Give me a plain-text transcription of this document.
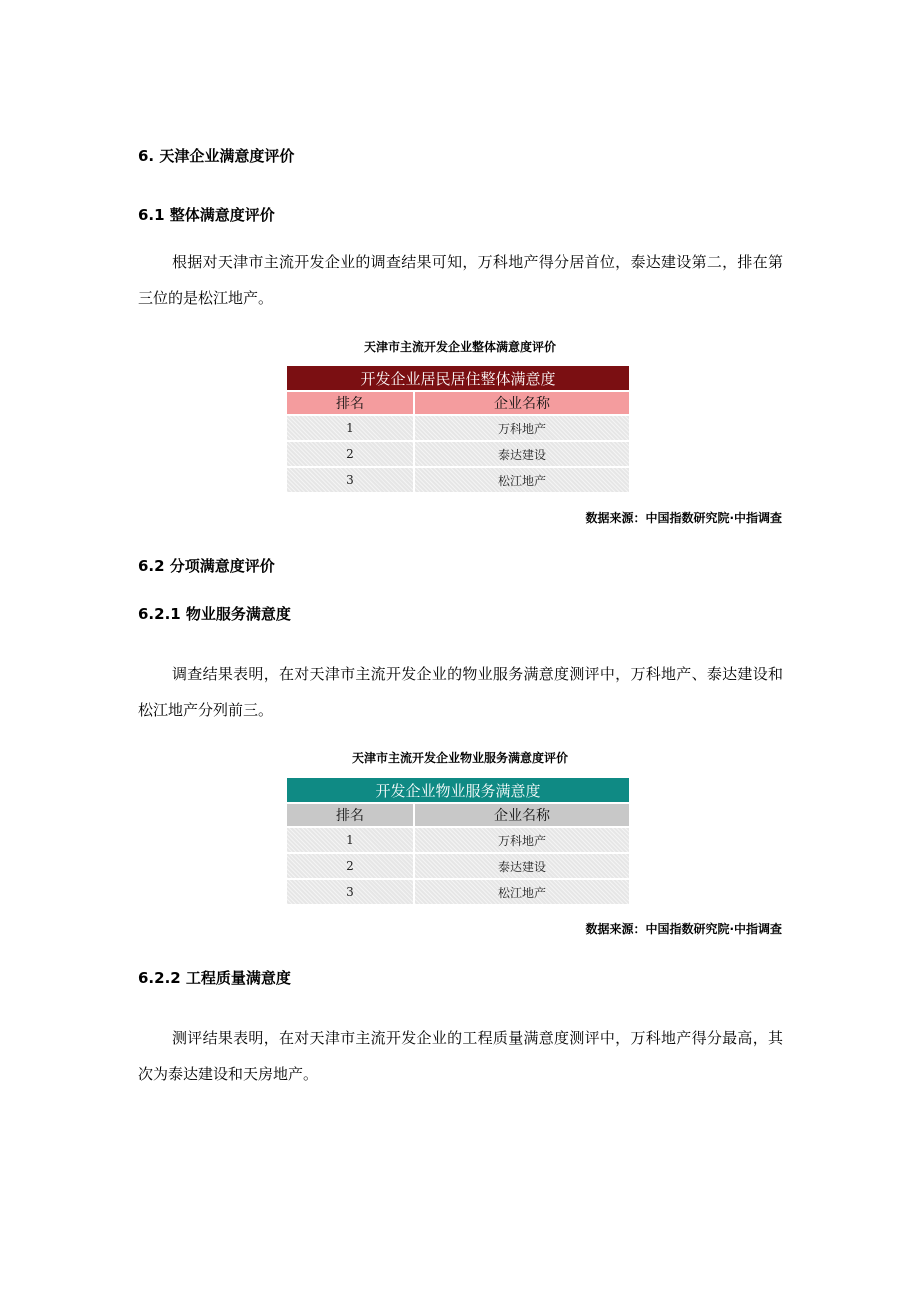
6. 天津企业满意度评价
6.1 整体满意度评价
根据对天津市主流开发企业的调查结果可知，万科地产得分居首位，泰达建设第二，排在第三位的是松江地产。
天津市主流开发企业整体满意度评价
开发企业居民居住整体满意度	
排名	企业名称
1	万科地产
2	泰达建设
3	松江地产
数据来源：中国指数研究院·中指调查
6.2 分项满意度评价
6.2.1 物业服务满意度
调查结果表明，在对天津市主流开发企业的物业服务满意度测评中，万科地产、泰达建设和松江地产分列前三。
天津市主流开发企业物业服务满意度评价
开发企业物业服务满意度	
排名	企业名称
1	万科地产
2	泰达建设
3	松江地产
数据来源：中国指数研究院·中指调查
6.2.2 工程质量满意度
测评结果表明，在对天津市主流开发企业的工程质量满意度测评中，万科地产得分最高，其次为泰达建设和天房地产。
